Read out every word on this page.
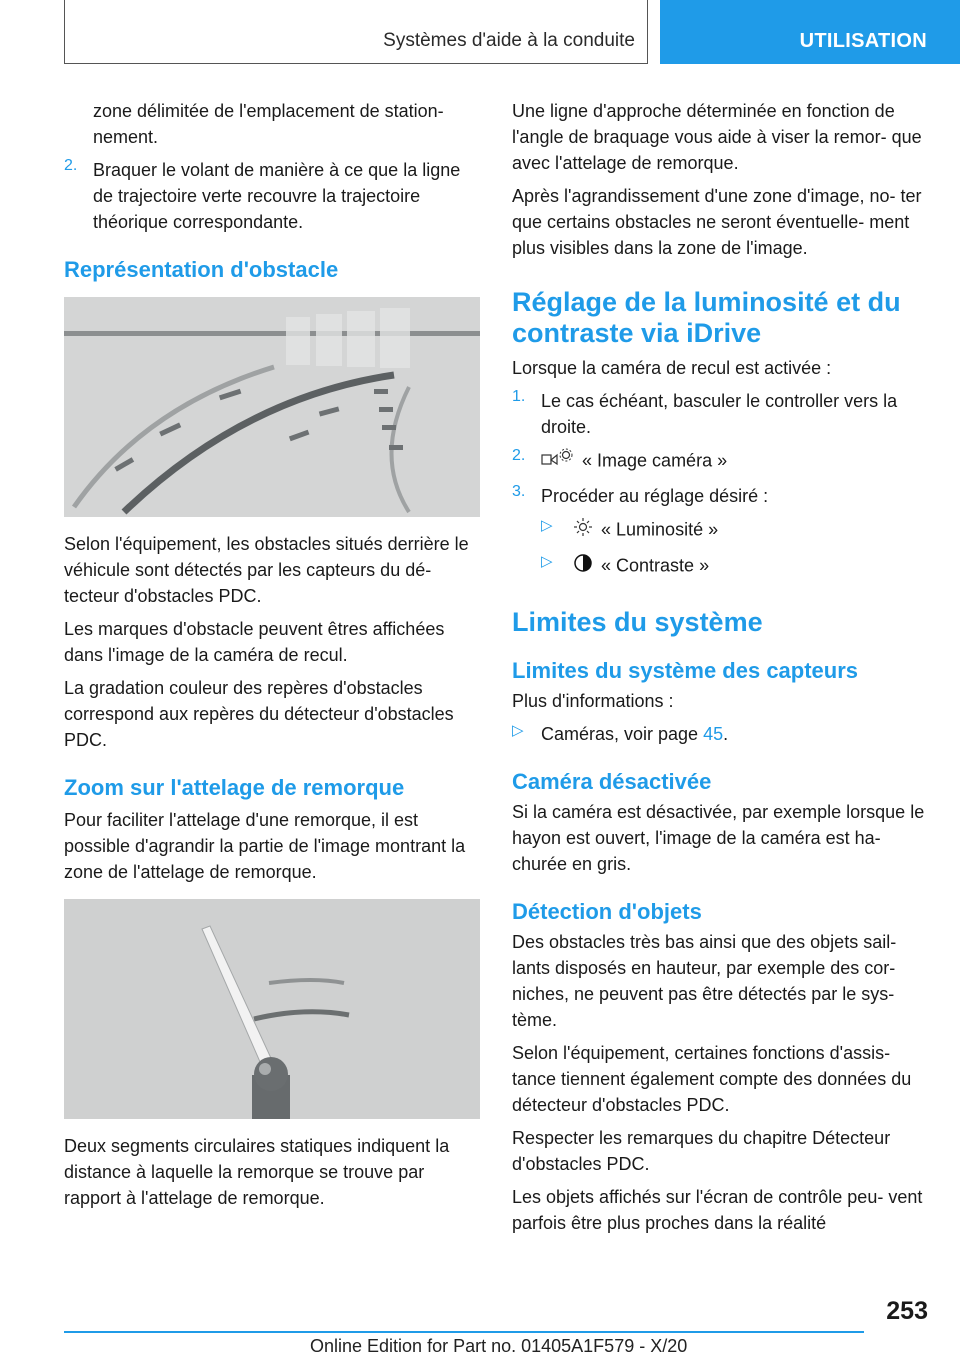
Systèmes d'aide à la conduite	UTILISATION

zone délimitée de l'emplacement de station‐ nement.

2. Braquer le volant de manière à ce que la ligne de trajectoire verte recouvre la trajectoire théorique correspondante.

Représentation d'obstacle

Selon l'équipement, les obstacles situés derrière le véhicule sont détectés par les capteurs du dé‐ tecteur d'obstacles PDC.

Les marques d'obstacle peuvent êtres affichées dans l'image de la caméra de recul.

La gradation couleur des repères d'obstacles correspond aux repères du détecteur d'obstacles PDC.

Zoom sur l'attelage de remorque

Pour faciliter l'attelage d'une remorque, il est possible d'agrandir la partie de l'image montrant la zone de l'attelage de remorque.

Deux segments circulaires statiques indiquent la distance à laquelle la remorque se trouve par rapport à l'attelage de remorque.

Une ligne d'approche déterminée en fonction de l'angle de braquage vous aide à viser la remor‐ que avec l'attelage de remorque.

Après l'agrandissement d'une zone d'image, no‐ ter que certains obstacles ne seront éventuelle‐ ment plus visibles dans la zone de l'image.

Réglage de la luminosité et du contraste via iDrive

Lorsque la caméra de recul est activée :

1. Le cas échéant, basculer le controller vers la droite.

2.	« Image caméra »

3. Procéder au réglage désiré :

▷	« Luminosité »

▷	« Contraste »

Limites du système
Limites du système des capteurs

Plus d'informations :

▷ Caméras, voir page 45.

Caméra désactivée

Si la caméra est désactivée, par exemple lorsque le hayon est ouvert, l'image de la caméra est ha‐ churée en gris.

Détection d'objets

Des obstacles très bas ainsi que des objets sail‐ lants disposés en hauteur, par exemple des cor‐ niches, ne peuvent pas être détectés par le sys‐ tème.

Selon l'équipement, certaines fonctions d'assis‐ tance tiennent également compte des données du détecteur d'obstacles PDC.

Respecter les remarques du chapitre Détecteur d'obstacles PDC.

Les objets affichés sur l'écran de contrôle peu‐ vent parfois être plus proches dans la réalité

253
Online Edition for Part no. 01405A1F579 - X/20
